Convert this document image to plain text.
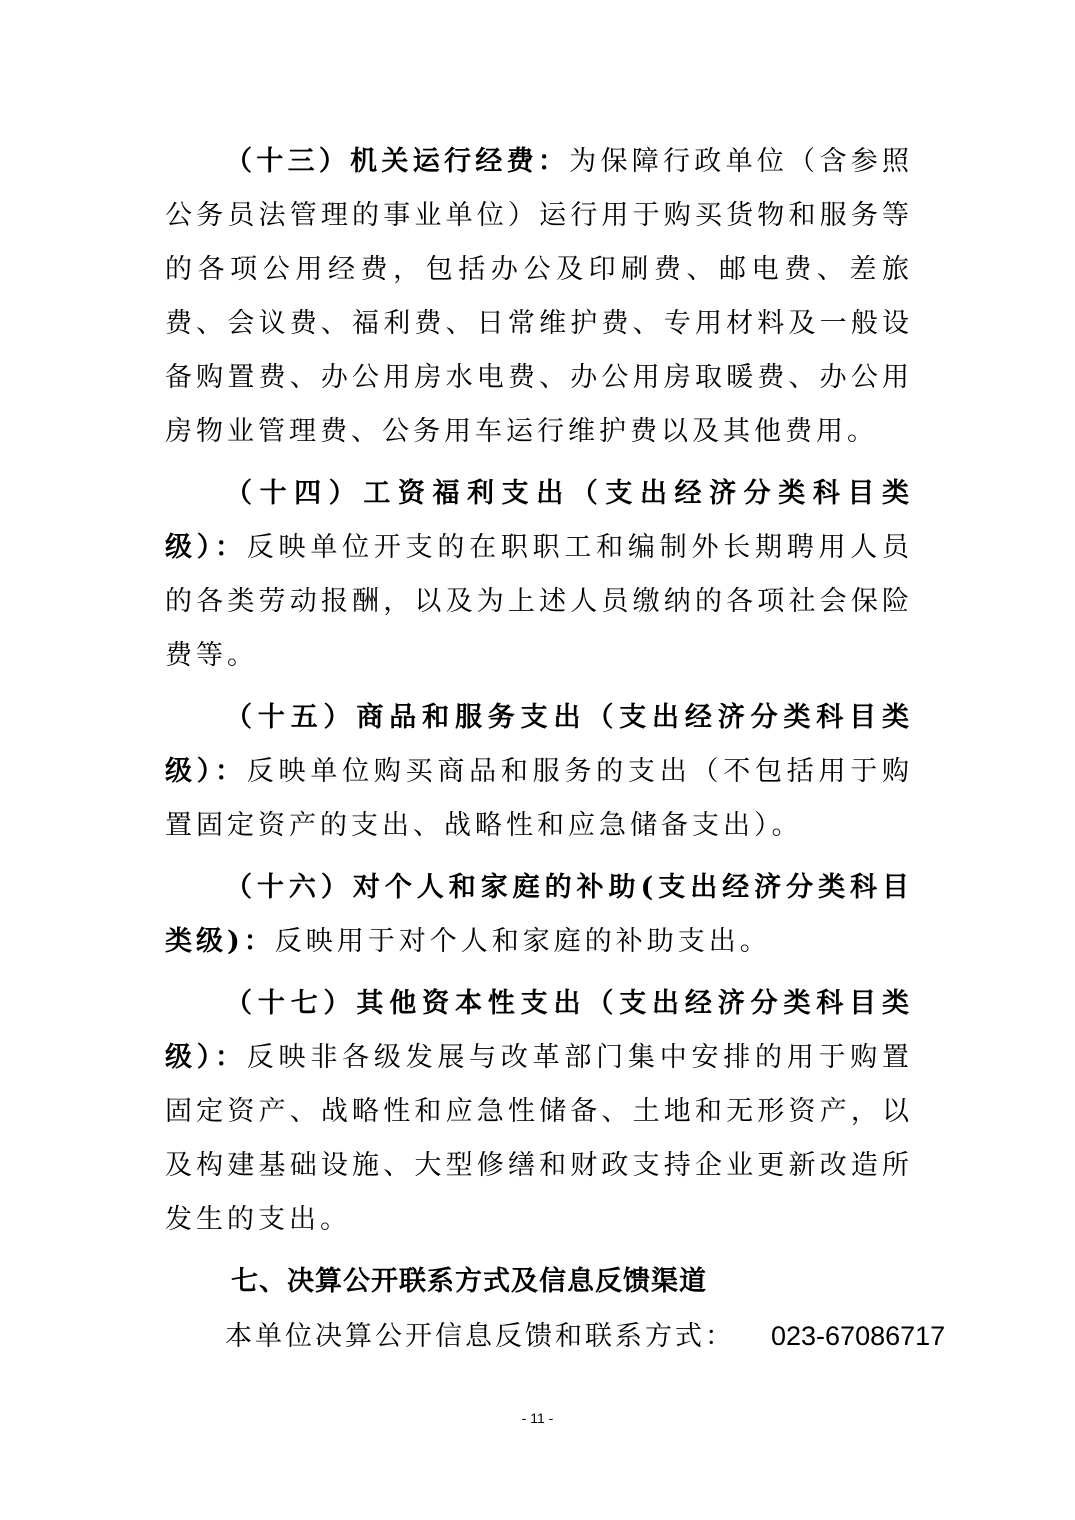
（十三）机关运行经费：为保障行政单位（含参照公务员法管理的事业单位）运行用于购买货物和服务等的各项公用经费，包括办公及印刷费、邮电费、差旅费、会议费、福利费、日常维护费、专用材料及一般设备购置费、办公用房水电费、办公用房取暖费、办公用房物业管理费、公务用车运行维护费以及其他费用。

（十四）工资福利支出（支出经济分类科目类级）：反映单位开支的在职职工和编制外长期聘用人员的各类劳动报酬，以及为上述人员缴纳的各项社会保险费等。

（十五）商品和服务支出（支出经济分类科目类级）：反映单位购买商品和服务的支出（不包括用于购置固定资产的支出、战略性和应急储备支出）。

（十六）对个人和家庭的补助(支出经济分类科目类级)：反映用于对个人和家庭的补助支出。

（十七）其他资本性支出（支出经济分类科目类级）：反映非各级发展与改革部门集中安排的用于购置固定资产、战略性和应急性储备、土地和无形资产，以及构建基础设施、大型修缮和财政支持企业更新改造所发生的支出。

七、决算公开联系方式及信息反馈渠道

本单位决算公开信息反馈和联系方式： 023-67086717

- 11 -
